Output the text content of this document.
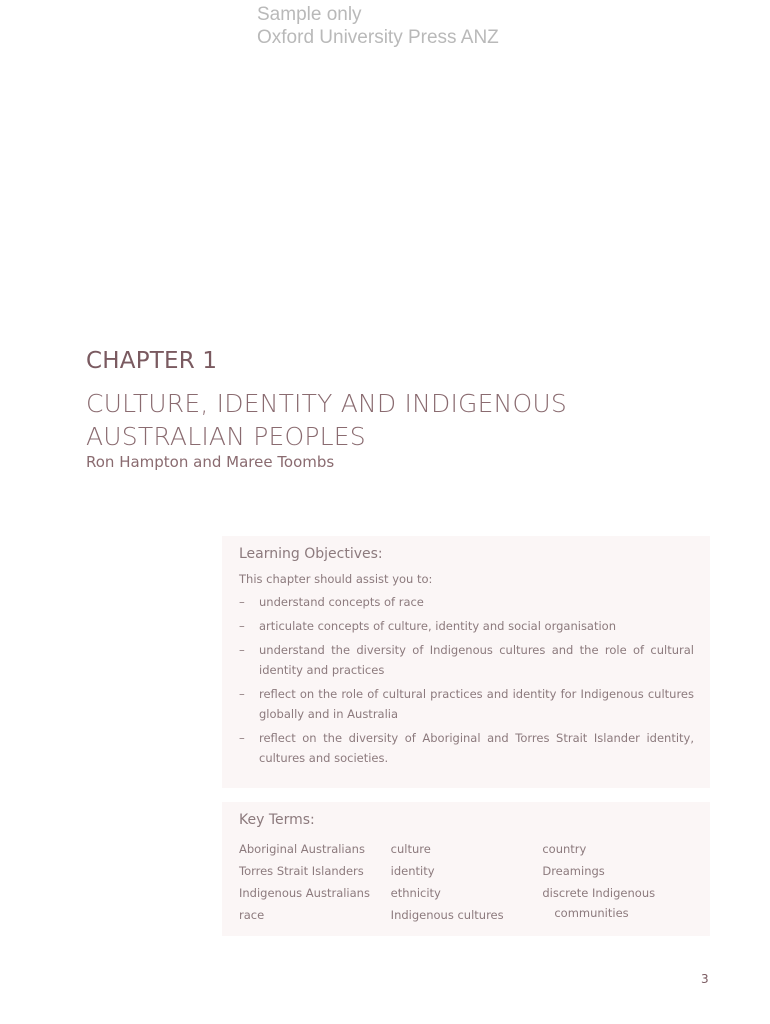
Sample only
Oxford University Press ANZ
CHAPTER 1
CULTURE, IDENTITY AND INDIGENOUS
AUSTRALIAN PEOPLES
Ron Hampton and Maree Toombs
Learning Objectives:
This chapter should assist you to:
– understand concepts of race
– articulate concepts of culture, identity and social organisation
– understand the diversity of Indigenous cultures and the role of cultural identity and practices
– reflect on the role of cultural practices and identity for Indigenous cultures globally and in Australia
– reflect on the diversity of Aboriginal and Torres Strait Islander identity, cultures and societies.
Key Terms:
Aboriginal Australians
Torres Strait Islanders
Indigenous Australians
race
culture
identity
ethnicity
Indigenous cultures
country
Dreamings
discrete Indigenous
communities
3
